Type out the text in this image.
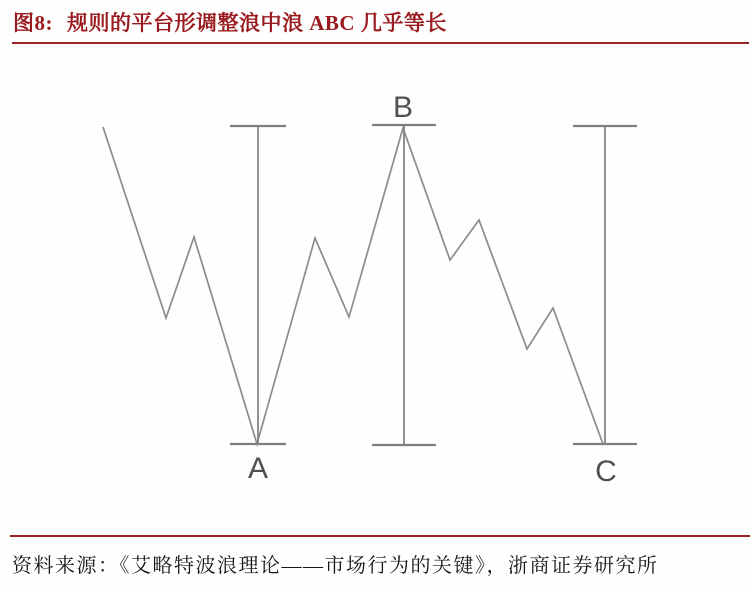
图8: 规则的平台形调整浪中浪 ABC 几乎等长
B
A	C
资料来源：《艾略特波浪理论——市场行为的关键》，浙商证券研究所
